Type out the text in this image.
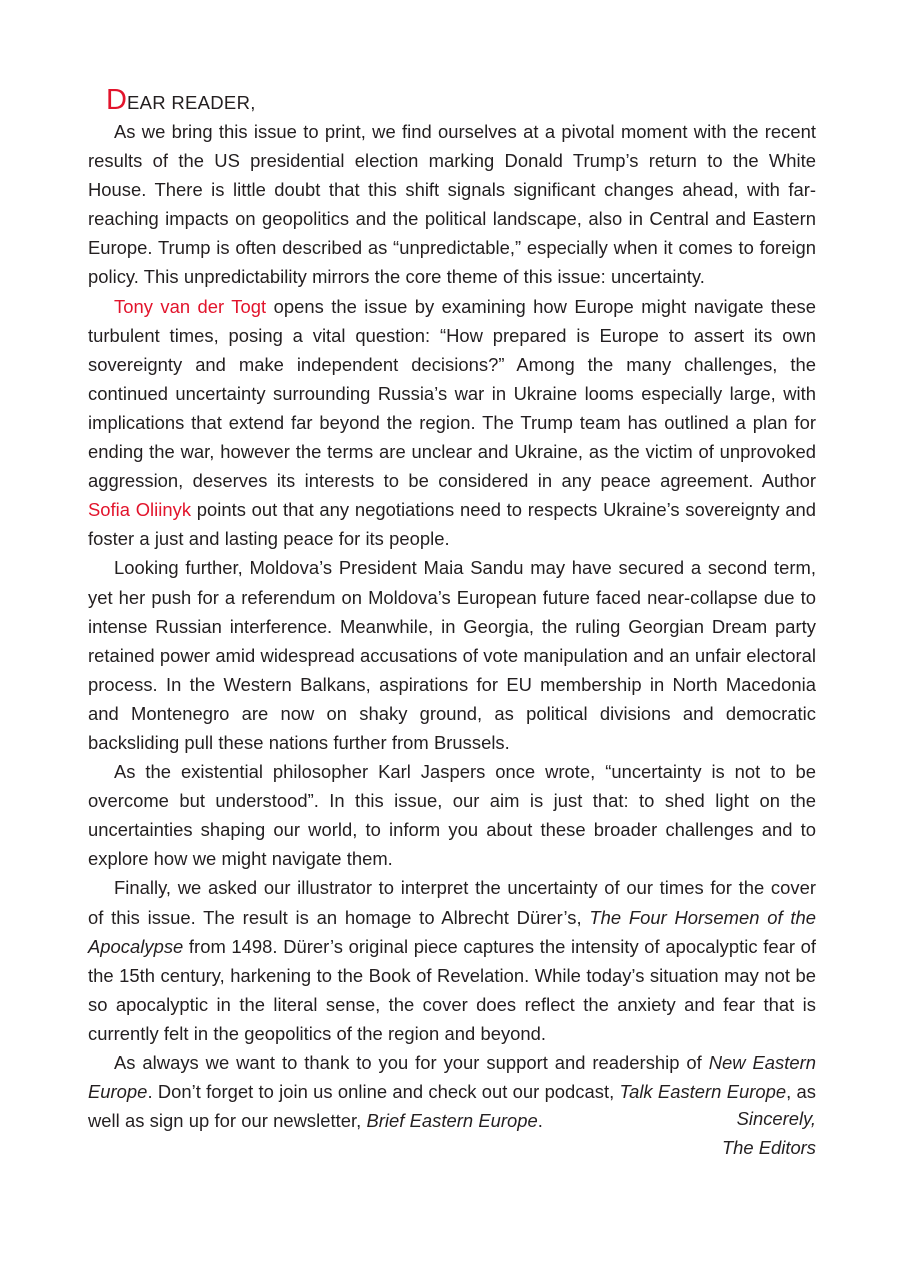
DEAR READER,

As we bring this issue to print, we find ourselves at a pivotal moment with the recent results of the US presidential election marking Donald Trump’s return to the White House. There is little doubt that this shift signals significant changes ahead, with far-reaching impacts on geopolitics and the political landscape, also in Central and Eastern Europe. Trump is often described as “unpredictable,” especially when it comes to foreign policy. This unpredictability mirrors the core theme of this issue: uncertainty.

Tony van der Togt opens the issue by examining how Europe might navigate these turbulent times, posing a vital question: “How prepared is Europe to assert its own sovereignty and make independent decisions?” Among the many challenges, the continued uncertainty surrounding Russia’s war in Ukraine looms especially large, with implications that extend far beyond the region. The Trump team has outlined a plan for ending the war, however the terms are unclear and Ukraine, as the victim of unprovoked aggression, deserves its interests to be considered in any peace agreement. Author Sofia Oliinyk points out that any negotiations need to respects Ukraine’s sovereignty and foster a just and lasting peace for its people.

Looking further, Moldova’s President Maia Sandu may have secured a second term, yet her push for a referendum on Moldova’s European future faced near-collapse due to intense Russian interference. Meanwhile, in Georgia, the ruling Georgian Dream party retained power amid widespread accusations of vote manipulation and an unfair electoral process. In the Western Balkans, aspirations for EU membership in North Macedonia and Montenegro are now on shaky ground, as political divisions and democratic backsliding pull these nations further from Brussels.

As the existential philosopher Karl Jaspers once wrote, “uncertainty is not to be overcome but understood”. In this issue, our aim is just that: to shed light on the uncertainties shaping our world, to inform you about these broader challenges and to explore how we might navigate them.

Finally, we asked our illustrator to interpret the uncertainty of our times for the cover of this issue. The result is an homage to Albrecht Dürer’s, The Four Horsemen of the Apocalypse from 1498. Dürer’s original piece captures the intensity of apocalyptic fear of the 15th century, harkening to the Book of Revelation. While today’s situation may not be so apocalyptic in the literal sense, the cover does reflect the anxiety and fear that is currently felt in the geopolitics of the region and beyond.

As always we want to thank to you for your support and readership of New Eastern Europe. Don’t forget to join us online and check out our podcast, Talk Eastern Europe, as well as sign up for our newsletter, Brief Eastern Europe.	Sincerely,
The Editors
